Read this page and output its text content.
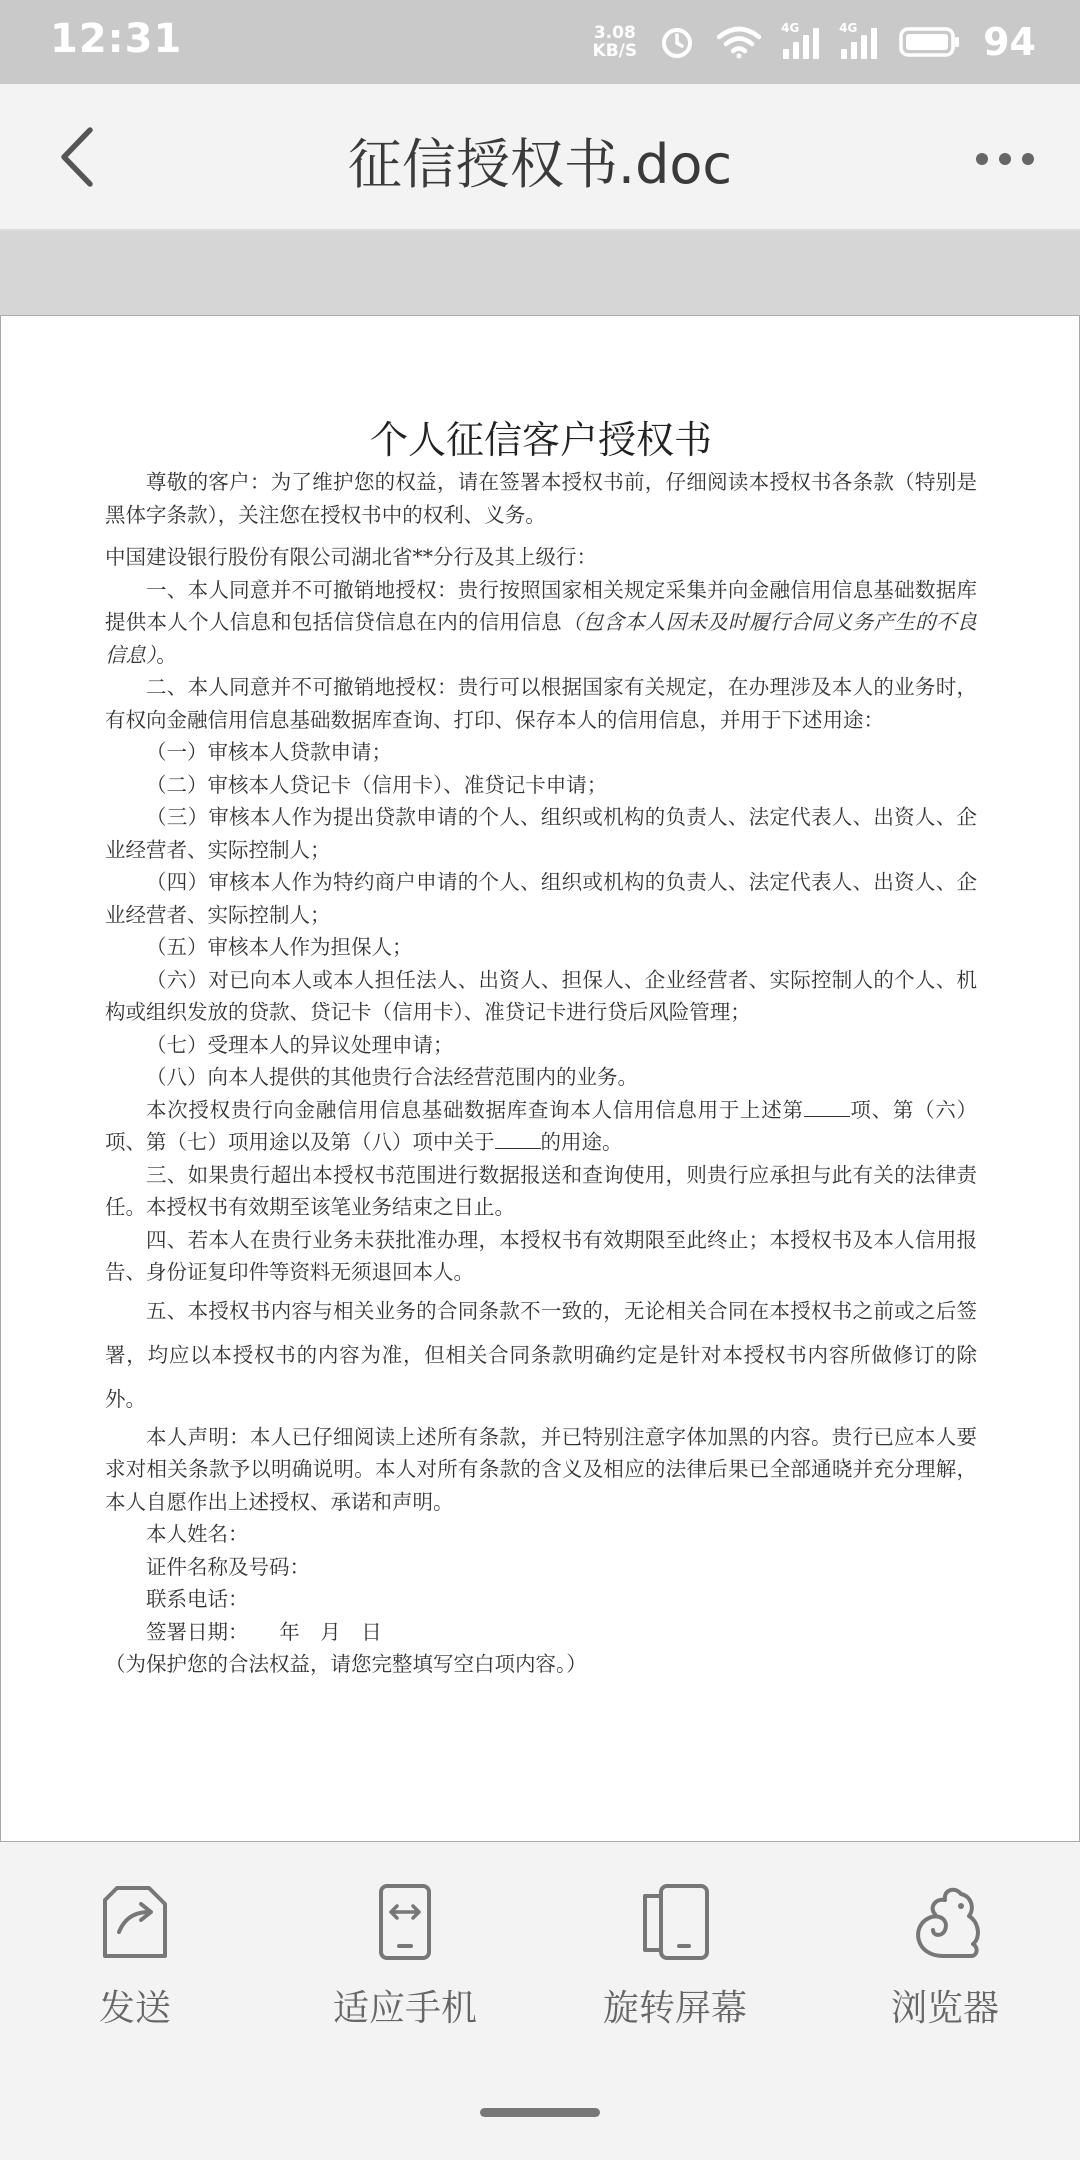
12:31	3.08
KB/S
4G	4G	94
征信授权书.doc
个人征信客户授权书

尊敬的客户：为了维护您的权益，请在签署本授权书前，仔细阅读本授权书各条款（特别是黑体字条款），关注您在授权书中的权利、义务。

中国建设银行股份有限公司湖北省**分行及其上级行：

一、本人同意并不可撤销地授权：贵行按照国家相关规定采集并向金融信用信息基础数据库提供本人个人信息和包括信贷信息在内的信用信息（包含本人因未及时履行合同义务产生的不良信息）。

二、本人同意并不可撤销地授权：贵行可以根据国家有关规定，在办理涉及本人的业务时，有权向金融信用信息基础数据库查询、打印、保存本人的信用信息，并用于下述用途：

（一）审核本人贷款申请；

（二）审核本人贷记卡（信用卡）、准贷记卡申请；

（三）审核本人作为提出贷款申请的个人、组织或机构的负责人、法定代表人、出资人、企业经营者、实际控制人；

（四）审核本人作为特约商户申请的个人、组织或机构的负责人、法定代表人、出资人、企业经营者、实际控制人；

（五）审核本人作为担保人；

（六）对已向本人或本人担任法人、出资人、担保人、企业经营者、实际控制人的个人、机构或组织发放的贷款、贷记卡（信用卡）、准贷记卡进行贷后风险管理；

（七）受理本人的异议处理申请；

（八）向本人提供的其他贵行合法经营范围内的业务。

本次授权贵行向金融信用信息基础数据库查询本人信用信息用于上述第 项、第（六）项、第（七）项用途以及第（八）项中关于 的用途。

三、如果贵行超出本授权书范围进行数据报送和查询使用，则贵行应承担与此有关的法律责任。本授权书有效期至该笔业务结束之日止。

四、若本人在贵行业务未获批准办理，本授权书有效期限至此终止；本授权书及本人信用报告、身份证复印件等资料无须退回本人。

五、本授权书内容与相关业务的合同条款不一致的，无论相关合同在本授权书之前或之后签署，均应以本授权书的内容为准，但相关合同条款明确约定是针对本授权书内容所做修订的除外。

本人声明：本人已仔细阅读上述所有条款，并已特别注意字体加黑的内容。贵行已应本人要求对相关条款予以明确说明。本人对所有条款的含义及相应的法律后果已全部通晓并充分理解，本人自愿作出上述授权、承诺和声明。

本人姓名：

证件名称及号码：

联系电话：

签署日期：　　年　月　日

（为保护您的合法权益，请您完整填写空白项内容。）

发送	适应手机	旋转屏幕	浏览器
